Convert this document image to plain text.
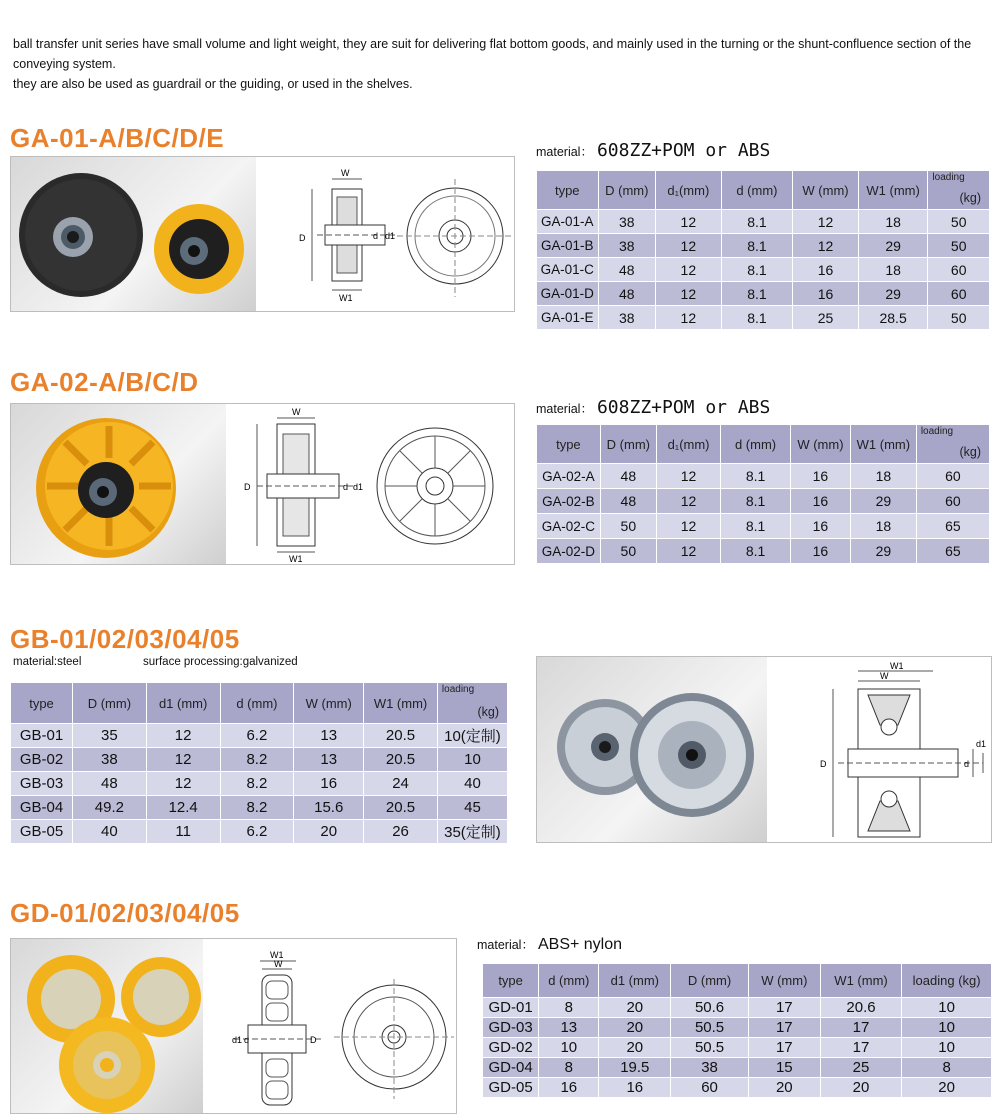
ball transfer unit series have small volume and light weight, they are suit for delivering flat bottom goods, and mainly used in the turning or the shunt-confluence section of the conveying system.

they are also be used as guardrail or the guiding, or used in the shelves.

GA-01-A/B/C/D/E
W
D	d d1
W1
material： 608ZZ+POM or ABS
type	D (mm)	d₁(mm)	d (mm)	W (mm)	W1 (mm)	loading
(kg)

GA-01-A	38	12	8.1	12	18	50
GA-01-B	38	12	8.1	12	29	50
GA-01-C	48	12	8.1	16	18	60
GA-01-D	48	12	8.1	16	29	60
GA-01-E	38	12	8.1	25	28.5	50
GA-02-A/B/C/D
W
D	d d1
W1
material： 608ZZ+POM or ABS
type	D (mm)	d₁(mm)	d (mm)	W (mm)	W1 (mm)	loading
(kg)

GA-02-A	48	12	8.1	16	18	60
GA-02-B	48	12	8.1	16	29	60
GA-02-C	50	12	8.1	16	18	65
GA-02-D	50	12	8.1	16	29	65
GB-01/02/03/04/05
material:steel	surface processing:galvanized
type	D (mm)	d1 (mm)	d (mm)	W (mm)	W1 (mm)	loading
(kg)

GB-01	35	12	6.2	13	20.5	10(定制)
GB-02	38	12	8.2	13	20.5	10
GB-03	48	12	8.2	16	24	40
GB-04	49.2	12.4	8.2	15.6	20.5	45
GB-05	40	11	6.2	20	26	35(定制)
W1
W
D	d
d1
GD-01/02/03/04/05
W1
W
d1	D
d
material： ABS+ nylon
type	d (mm)	d1 (mm)	D (mm)	W (mm)	W1 (mm)	loading (kg)
GD-01	8	20	50.6	17	20.6	10
GD-03	13	20	50.5	17	17	10
GD-02	10	20	50.5	17	17	10
GD-04	8	19.5	38	15	25	8
GD-05	16	16	60	20	20	20
